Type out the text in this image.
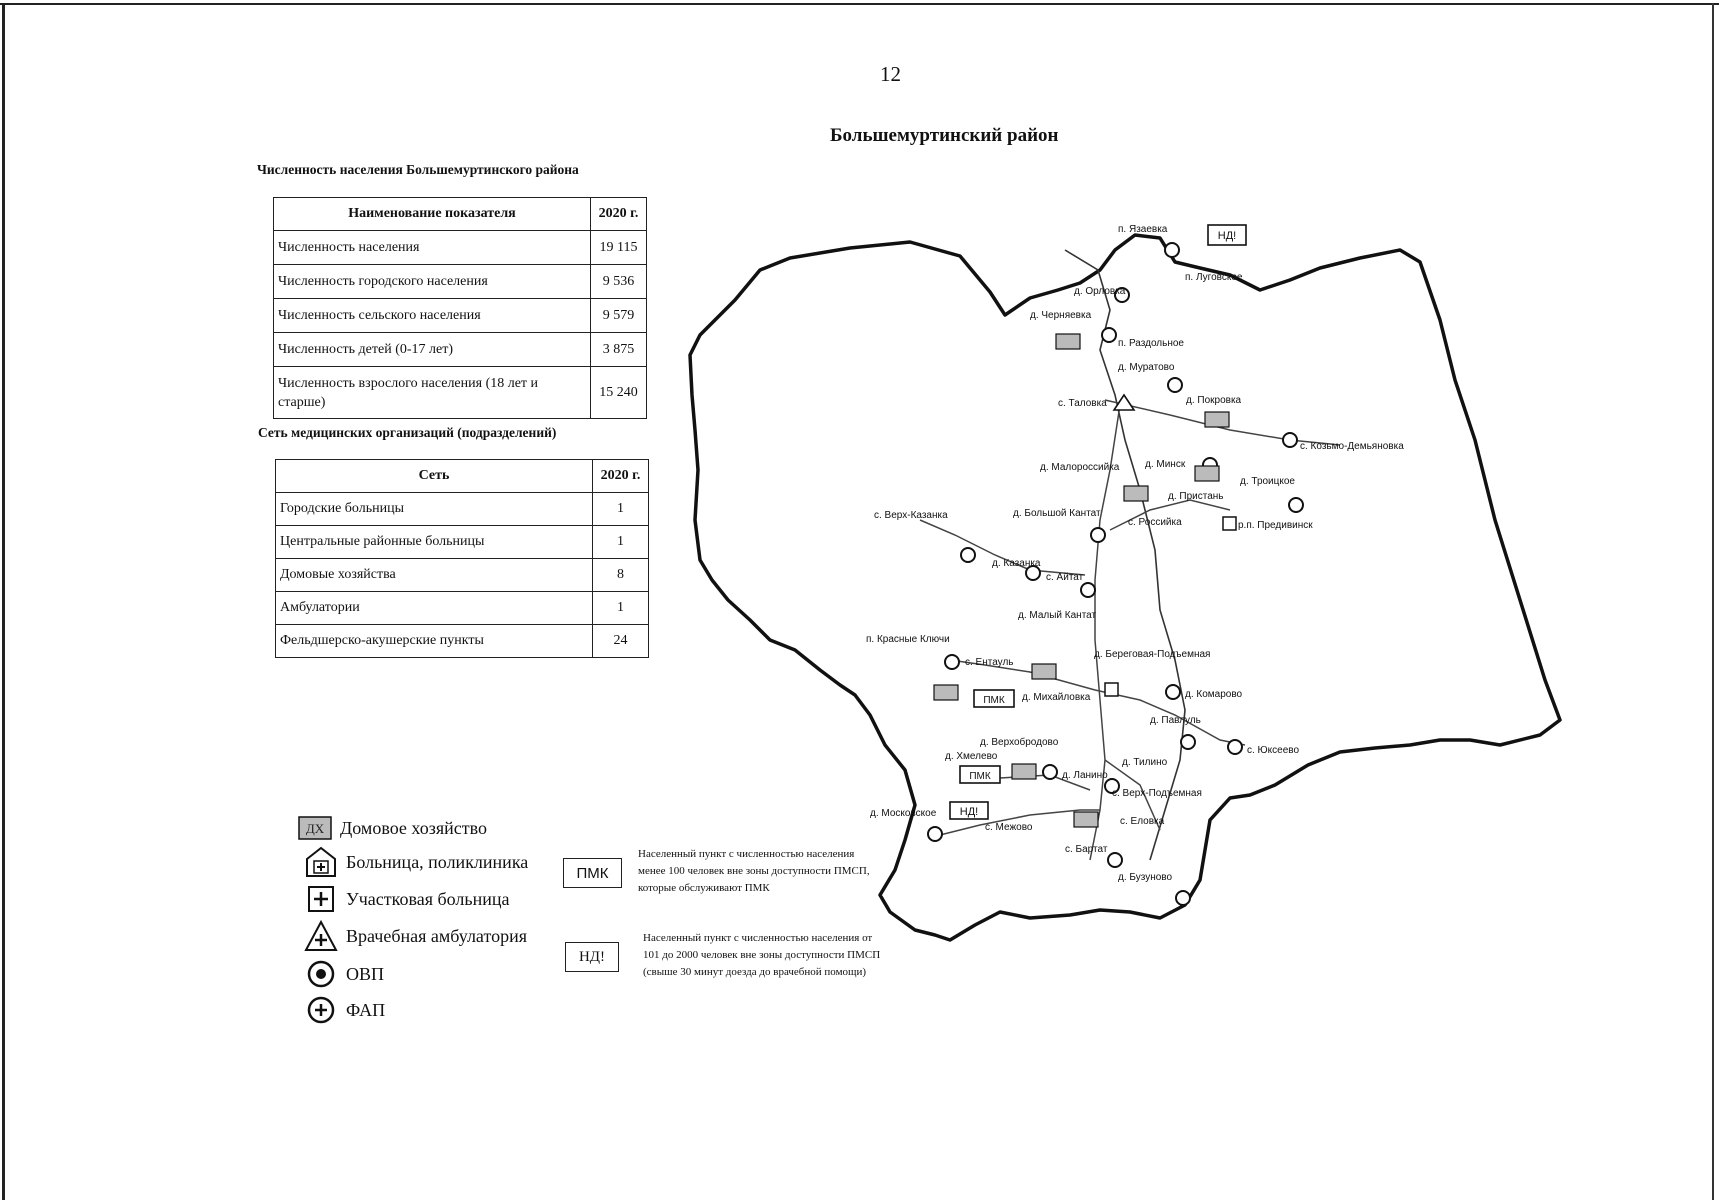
12
Большемуртинский район
Численность населения Большемуртинского района
Наименование показателя	2020 г.
Численность населения	19 115
Численность городского населения	9 536
Численность сельского населения	9 579
Численность детей (0-17 лет)	3 875
Численность взрослого населения (18 лет и старше)	15 240
Сеть медицинских организаций (подразделений)
Сеть	2020 г.
Городские больницы	1
Центральные районные больницы	1
Домовые хозяйства	8
Амбулатории	1
Фельдшерско-акушерские пункты	24
НД!
ПМК
ПМК
НД!
п. Язаевка
п. Луговское
д. Орловка
д. Черняевка
п. Раздольное
д. Муратово
с. Таловка	д. Покровка
с. Козьмо-Демьяновка
д. Малороссийка	д. Минск
д. Троицкое
д. Пристань
с. Верх-Казанка	д. Большой Кантат
с. Российка	р.п. Предивинск
д. Казанка
с. Айтат
д. Малый Кантат
п. Красные Ключи
с. Ентауль
д. Береговая-Подъемная
д. Михайловка	д. Комарово
д. Павлуль
д. Верхобродово
д. Хмелево
с. Юксеево
д. Тилино
д. Ланино
с. Верх-Подъемная
д. Московское
с. Межово
с. Еловка
с. Бартат
д. Бузуново
ДХ Домовое хозяйство
Больница, поликлиника
Участковая больница
Врачебная амбулатория
ОВП
ФАП
ПМК
Населенный пункт с численностью населения менее 100 человек вне зоны доступности ПМСП, которые обслуживают ПМК
НД!
Населенный пункт с численностью населения от 101 до 2000 человек вне зоны доступности ПМСП (свыше 30 минут доезда до врачебной помощи)
